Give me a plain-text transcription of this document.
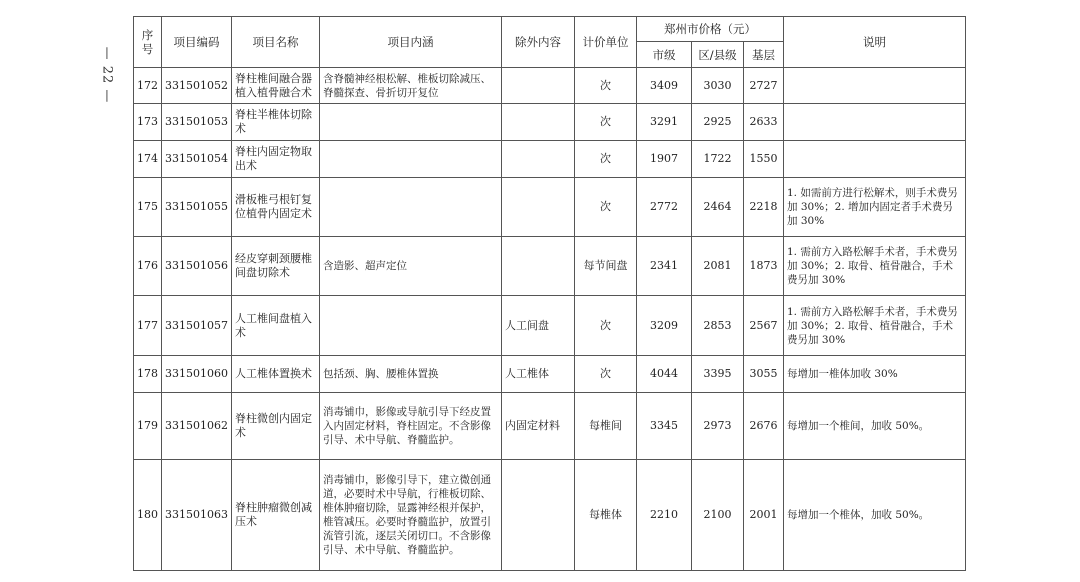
— 22 —
序号	项目编码	项目名称	项目内涵	除外内容	计价单位	郑州市价格（元）			说明
						市级	区/县级	基层	
172	331501052	脊柱椎间融合器植入植骨融合术	含脊髓神经根松解、椎板切除减压、脊髓探查、骨折切开复位		次	3409	3030	2727	
173	331501053	脊柱半椎体切除术			次	3291	2925	2633	
174	331501054	脊柱内固定物取出术			次	1907	1722	1550	
175	331501055	滑板椎弓根钉复位植骨内固定术			次	2772	2464	2218	1. 如需前方进行松解术，则手术费另加 30%；2. 增加内固定者手术费另加 30%
176	331501056	经皮穿刺颈腰椎间盘切除术	含造影、超声定位		每节间盘	2341	2081	1873	1. 需前方入路松解手术者，手术费另加 30%；2. 取骨、植骨融合，手术费另加 30%
177	331501057	人工椎间盘植入术		人工间盘	次	3209	2853	2567	1. 需前方入路松解手术者，手术费另加 30%；2. 取骨、植骨融合，手术费另加 30%
178	331501060	人工椎体置换术	包括颈、胸、腰椎体置换	人工椎体	次	4044	3395	3055	每增加一椎体加收 30%
179	331501062	脊柱微创内固定术	消毒铺巾，影像或导航引导下经皮置入内固定材料，脊柱固定。不含影像引导、术中导航、脊髓监护。	内固定材料	每椎间	3345	2973	2676	每增加一个椎间，加收 50%。
180	331501063	脊柱肿瘤微创减压术	消毒铺巾，影像引导下，建立微创通道，必要时术中导航，行椎板切除、椎体肿瘤切除，显露神经根并保护，椎管减压。必要时脊髓监护，放置引流管引流，逐层关闭切口。不含影像引导、术中导航、脊髓监护。		每椎体	2210	2100	2001	每增加一个椎体，加收 50%。
